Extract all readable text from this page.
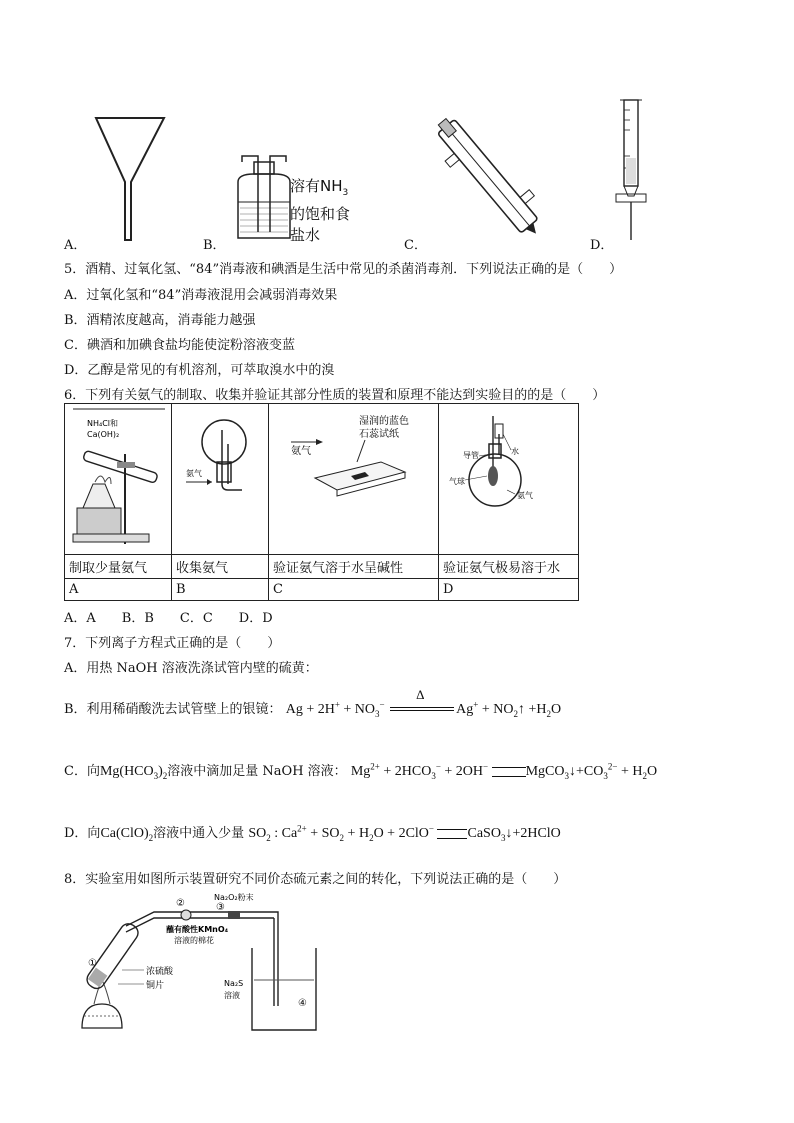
A．
溶有$NH_3$
的饱和食
盐水
B．	C．	D．
5．酒精、过氧化氢、“84”消毒液和碘酒是生活中常见的杀菌消毒剂．下列说法正确的是（　　）
A．过氧化氢和“84”消毒液混用会减弱消毒效果
B．酒精浓度越高，消毒能力越强
C．碘酒和加碘食盐均能使淀粉溶液变蓝
D．乙醇是常见的有机溶剂，可萃取溴水中的溴
6．下列有关氨气的制取、收集并验证其部分性质的装置和原理不能达到实验目的的是（　　）
NH₄Cl和
Ca(OH)₂	氨气	湿润的蓝色
石蕊试纸
氨气	导管 水
气球
氨气

制取少量氨气	收集氨气	验证氨气溶于水呈碱性	验证氨气极易溶于水
A	B	C	D
A．A　　B．B　　C．C　　D．D
7．下列离子方程式正确的是（　　）
A．用热 NaOH 溶液洗涤试管内壁的硫黄：
B．利用稀硝酸洗去试管壁上的银镜： $Ag + 2H^+ + NO_3^-$
Δ
$Ag^+ + NO_2↑ +H_2O$
C．向$Mg(HCO_3)_2$溶液中滴加足量 NaOH 溶液： $Mg^{2+} + 2HCO_3^- + 2OH^-$	$MgCO_3↓+CO_3^{2-} + H_2O$
D．向$Ca(ClO)_2$溶液中通入少量 $SO_2$ : $Ca^{2+} + SO_2 + H_2O + 2ClO^-$ CaSO$_3$↓+2HClO
8．实验室用如图所示装置研究不同价态硫元素之间的转化，下列说法正确的是（　　）
①
浓硫酸
铜片
②
Na₂O₂粉末
③
蘸有酸性KMnO₄
溶液的棉花
Na₂S
溶液
④
